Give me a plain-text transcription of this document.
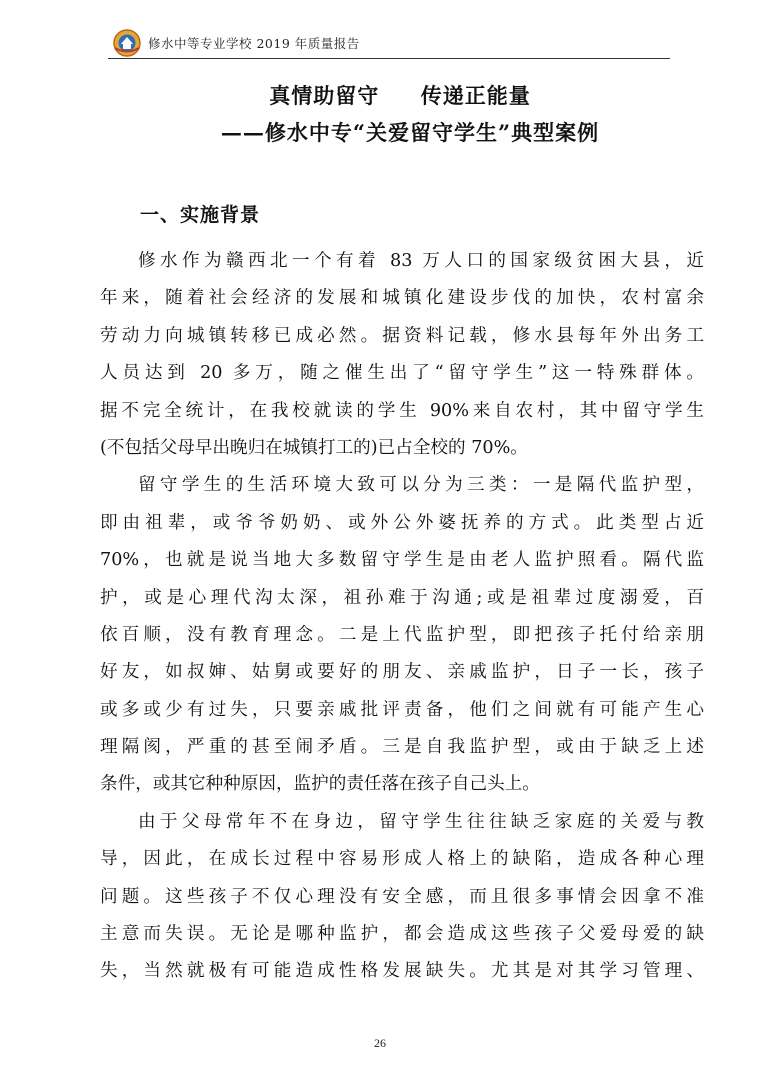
修水中等专业学校 2019 年质量报告
真情助留守     传递正能量
——修水中专“关爱留守学生”典型案例
一、实施背景
修水作为赣西北一个有着 83 万人口的国家级贫困大县，近
年来，随着社会经济的发展和城镇化建设步伐的加快，农村富余
劳动力向城镇转移已成必然。据资料记载，修水县每年外出务工
人员达到 20 多万，随之催生出了“留守学生”这一特殊群体。
据不完全统计，在我校就读的学生 90%来自农村，其中留守学生
(不包括父母早出晚归在城镇打工的)已占全校的 70%。
留守学生的生活环境大致可以分为三类：一是隔代监护型，
即由祖辈，或爷爷奶奶、或外公外婆抚养的方式。此类型占近
70%，也就是说当地大多数留守学生是由老人监护照看。隔代监
护，或是心理代沟太深，祖孙难于沟通;或是祖辈过度溺爱，百
依百顺，没有教育理念。二是上代监护型，即把孩子托付给亲朋
好友，如叔婶、姑舅或要好的朋友、亲戚监护，日子一长，孩子
或多或少有过失，只要亲戚批评责备，他们之间就有可能产生心
理隔阂，严重的甚至闹矛盾。三是自我监护型，或由于缺乏上述
条件，或其它种种原因，监护的责任落在孩子自己头上。
由于父母常年不在身边，留守学生往往缺乏家庭的关爱与教
导，因此，在成长过程中容易形成人格上的缺陷，造成各种心理
问题。这些孩子不仅心理没有安全感，而且很多事情会因拿不准
主意而失误。无论是哪种监护，都会造成这些孩子父爱母爱的缺
失，当然就极有可能造成性格发展缺失。尤其是对其学习管理、
26
